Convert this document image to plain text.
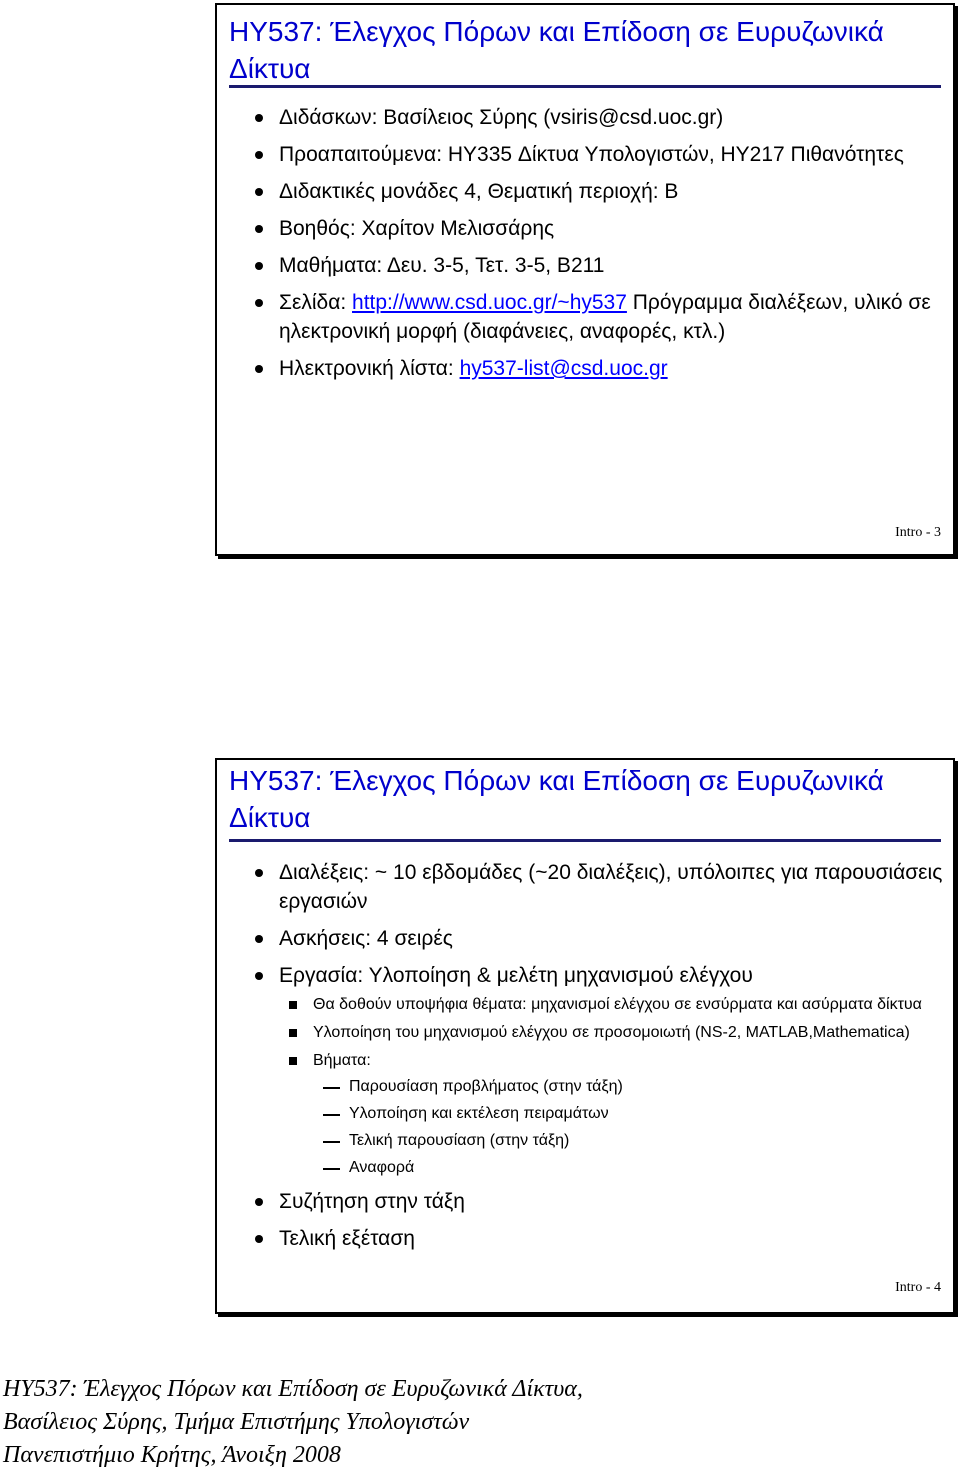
HY537: Έλεγχος Πόρων και Επίδοση σε Ευρυζωνικά Δίκτυα
Διδάσκων: Βασίλειος Σύρης (vsiris@csd.uoc.gr)
Προαπαιτούμενα: HY335 Δίκτυα Υπολογιστών, ΗΥ217 Πιθανότητες
Διδακτικές μονάδες 4, Θεματική περιοχή: Β
Βοηθός: Χαρίτον Μελισσάρης
Μαθήματα: Δευ. 3-5, Τετ. 3-5, Β211
Σελίδα: http://www.csd.uoc.gr/~hy537 Πρόγραμμα διαλέξεων, υλικό σε ηλεκτρονική μορφή (διαφάνειες, αναφορές, κτλ.)
Ηλεκτρονική λίστα: hy537-list@csd.uoc.gr
Intro - 3
HY537: Έλεγχος Πόρων και Επίδοση σε Ευρυζωνικά Δίκτυα
Διαλέξεις: ~ 10 εβδομάδες (~20 διαλέξεις), υπόλοιπες για παρουσιάσεις εργασιών
Ασκήσεις: 4 σειρές
Εργασία: Υλοποίηση & μελέτη μηχανισμού ελέγχου
Θα δοθούν υποψήφια θέματα: μηχανισμοί ελέγχου σε ενσύρματα και ασύρματα δίκτυα
Υλοποίηση του μηχανισμού ελέγχου σε προσομοιωτή (NS-2, MATLAB,Mathematica)
Βήματα:
Παρουσίαση προβλήματος (στην τάξη)
Υλοποίηση και εκτέλεση πειραμάτων
Τελική παρουσίαση (στην τάξη)
Αναφορά
Συζήτηση στην τάξη
Τελική εξέταση
Intro - 4
HY537: Έλεγχος Πόρων και Επίδοση σε Ευρυζωνικά Δίκτυα,
Βασίλειος Σύρης, Τμήμα Επιστήμης Υπολογιστών
Πανεπιστήμιο Κρήτης, Άνοιξη 2008
